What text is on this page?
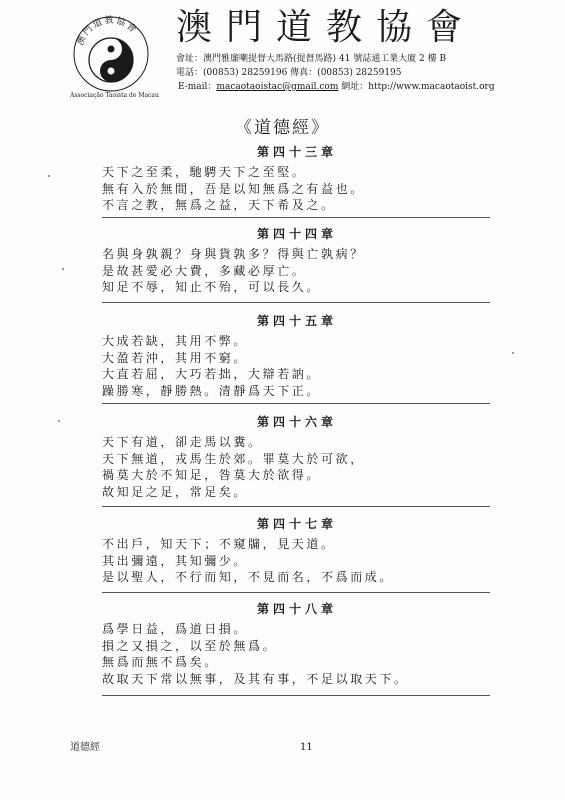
澳門道教協會
Associação Taoista de Macau
澳門道教協會
會址：澳門雅廉喇提督大馬路(提督馬路) 41 號誌通工業大廈 2 樓 B
電話：(00853) 28259196 傳真：(00853) 28259195
E-mail：macaotaoistac@gmail.com 網址：http://www.macaotaoist.org
《道德經》
第四十三章
天下之至柔，馳騁天下之至堅。
無有入於無間，吾是以知無爲之有益也。
不言之教，無爲之益，天下希及之。
第四十四章
名與身孰親？身與貨孰多？得與亡孰病？
是故甚愛必大費，多藏必厚亡。
知足不辱，知止不殆，可以長久。
第四十五章
大成若缺，其用不弊。
大盈若沖，其用不窮。
大直若屈，大巧若拙，大辯若訥。
躁勝寒，靜勝熱。清靜爲天下正。
第四十六章
天下有道，卻走馬以糞。
天下無道，戎馬生於郊。罪莫大於可欲，
禍莫大於不知足，咎莫大於欲得。
故知足之足，常足矣。
第四十七章
不出戶，知天下；不窺牖，見天道。
其出彌遠，其知彌少。
是以聖人，不行而知，不見而名，不爲而成。
第四十八章
爲學日益，爲道日損。
損之又損之，以至於無爲。
無爲而無不爲矣。
故取天下常以無事，及其有事，不足以取天下。
道德經	11
